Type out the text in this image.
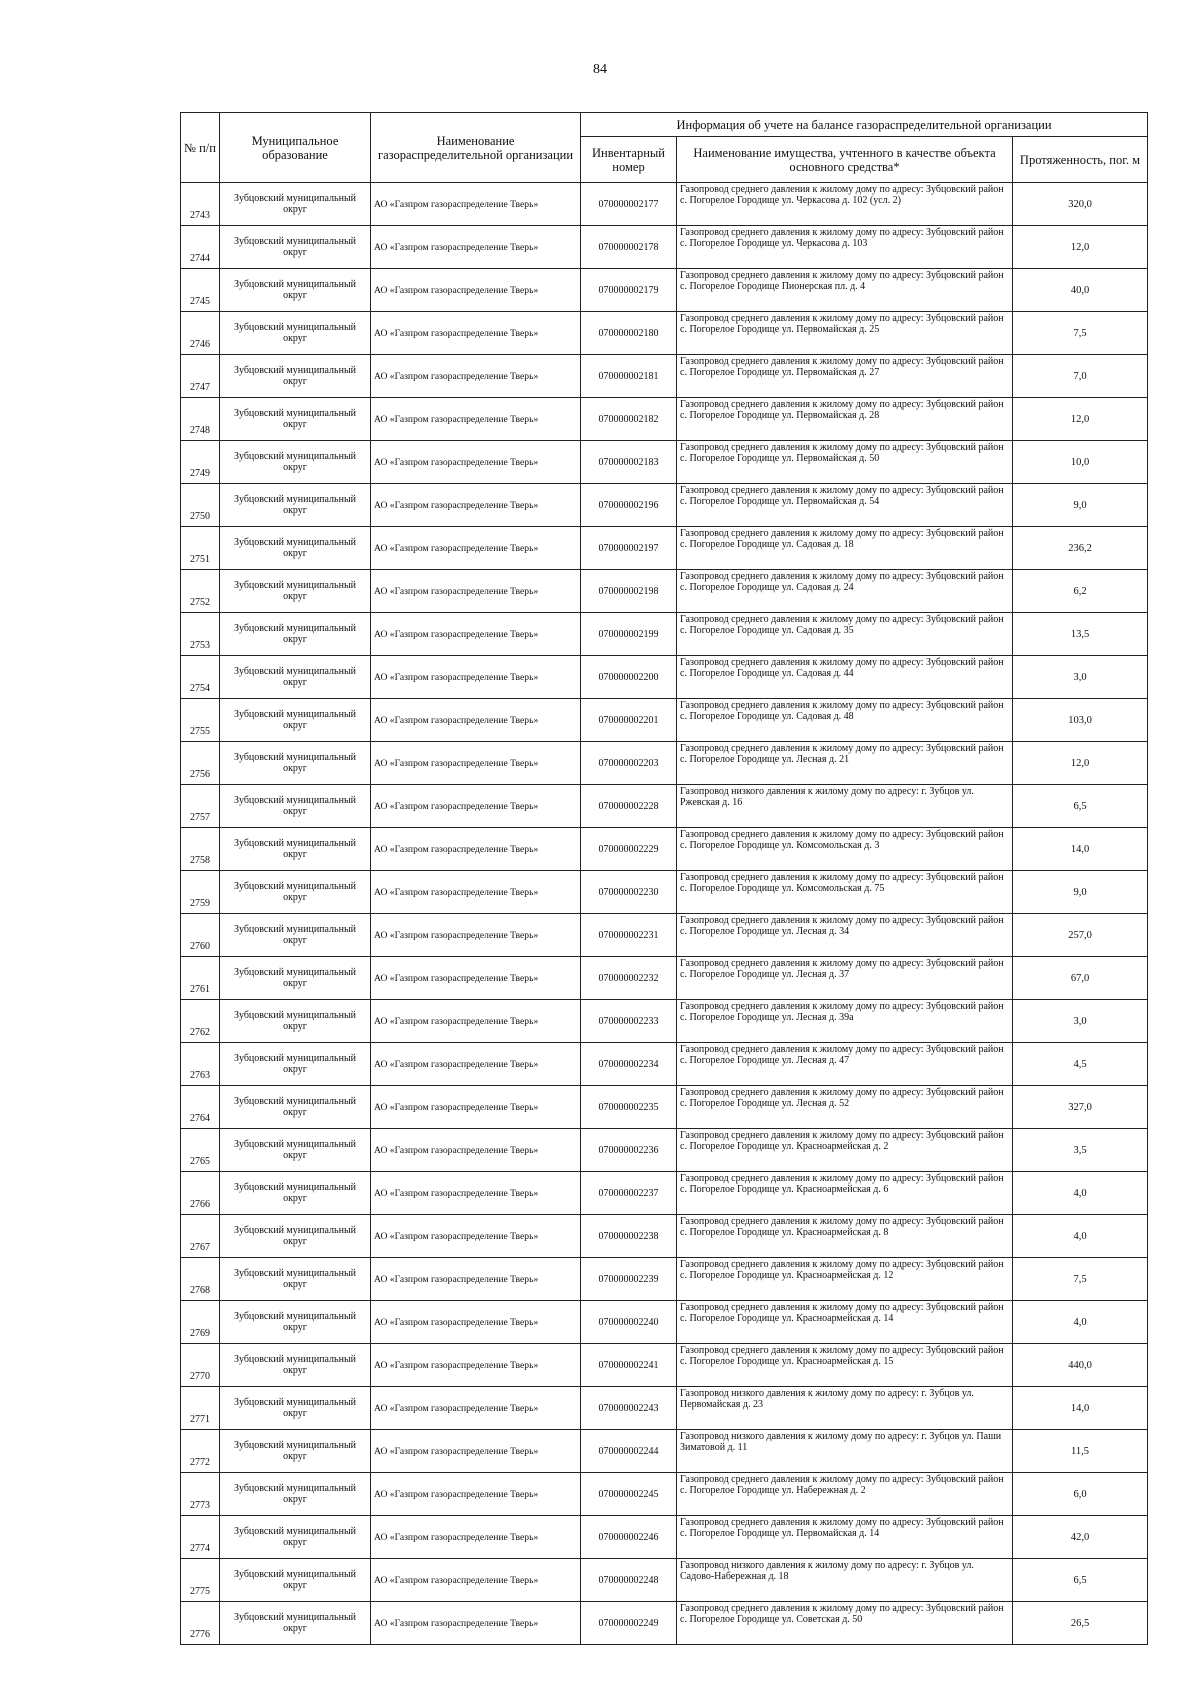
84
№ п/п	Муниципальное образование	Наименование газораспределительной организации	Информация об учете на балансе газораспределительной организации		
			Инвентарный номер	Наименование имущества, учтенного в качестве объекта основного средства*	Протяженность, пог. м
2743	Зубцовский муниципальный округ	АО «Газпром газораспределение Тверь»	070000002177	Газопровод среднего давления к жилому дому по адресу: Зубцовский район с. Погорелое Городище ул. Черкасова д. 102 (усл. 2)	320,0
2744	Зубцовский муниципальный округ	АО «Газпром газораспределение Тверь»	070000002178	Газопровод среднего давления к жилому дому по адресу: Зубцовский район с. Погорелое Городище ул. Черкасова д. 103	12,0
2745	Зубцовский муниципальный округ	АО «Газпром газораспределение Тверь»	070000002179	Газопровод среднего давления к жилому дому по адресу: Зубцовский район с. Погорелое Городище Пионерская пл. д. 4	40,0
2746	Зубцовский муниципальный округ	АО «Газпром газораспределение Тверь»	070000002180	Газопровод среднего давления к жилому дому по адресу: Зубцовский район с. Погорелое Городище ул. Первомайская д. 25	7,5
2747	Зубцовский муниципальный округ	АО «Газпром газораспределение Тверь»	070000002181	Газопровод среднего давления к жилому дому по адресу: Зубцовский район с. Погорелое Городище ул. Первомайская д. 27	7,0
2748	Зубцовский муниципальный округ	АО «Газпром газораспределение Тверь»	070000002182	Газопровод среднего давления к жилому дому по адресу: Зубцовский район с. Погорелое Городище ул. Первомайская д. 28	12,0
2749	Зубцовский муниципальный округ	АО «Газпром газораспределение Тверь»	070000002183	Газопровод среднего давления к жилому дому по адресу: Зубцовский район с. Погорелое Городище ул. Первомайская д. 50	10,0
2750	Зубцовский муниципальный округ	АО «Газпром газораспределение Тверь»	070000002196	Газопровод среднего давления к жилому дому по адресу: Зубцовский район с. Погорелое Городище ул. Первомайская д. 54	9,0
2751	Зубцовский муниципальный округ	АО «Газпром газораспределение Тверь»	070000002197	Газопровод среднего давления к жилому дому по адресу: Зубцовский район с. Погорелое Городище ул. Садовая д. 18	236,2
2752	Зубцовский муниципальный округ	АО «Газпром газораспределение Тверь»	070000002198	Газопровод среднего давления к жилому дому по адресу: Зубцовский район с. Погорелое Городище ул. Садовая д. 24	6,2
2753	Зубцовский муниципальный округ	АО «Газпром газораспределение Тверь»	070000002199	Газопровод среднего давления к жилому дому по адресу: Зубцовский район с. Погорелое Городище ул. Садовая д. 35	13,5
2754	Зубцовский муниципальный округ	АО «Газпром газораспределение Тверь»	070000002200	Газопровод среднего давления к жилому дому по адресу: Зубцовский район с. Погорелое Городище ул. Садовая д. 44	3,0
2755	Зубцовский муниципальный округ	АО «Газпром газораспределение Тверь»	070000002201	Газопровод среднего давления к жилому дому по адресу: Зубцовский район с. Погорелое Городище ул. Садовая д. 48	103,0
2756	Зубцовский муниципальный округ	АО «Газпром газораспределение Тверь»	070000002203	Газопровод среднего давления к жилому дому по адресу: Зубцовский район с. Погорелое Городище ул. Лесная д. 21	12,0
2757	Зубцовский муниципальный округ	АО «Газпром газораспределение Тверь»	070000002228	Газопровод низкого давления к жилому дому по адресу: г. Зубцов ул. Ржевская д. 16	6,5
2758	Зубцовский муниципальный округ	АО «Газпром газораспределение Тверь»	070000002229	Газопровод среднего давления к жилому дому по адресу: Зубцовский район с. Погорелое Городище ул. Комсомольская д. 3	14,0
2759	Зубцовский муниципальный округ	АО «Газпром газораспределение Тверь»	070000002230	Газопровод среднего давления к жилому дому по адресу: Зубцовский район с. Погорелое Городище ул. Комсомольская д. 75	9,0
2760	Зубцовский муниципальный округ	АО «Газпром газораспределение Тверь»	070000002231	Газопровод среднего давления к жилому дому по адресу: Зубцовский район с. Погорелое Городище ул. Лесная д. 34	257,0
2761	Зубцовский муниципальный округ	АО «Газпром газораспределение Тверь»	070000002232	Газопровод среднего давления к жилому дому по адресу: Зубцовский район с. Погорелое Городище ул. Лесная д. 37	67,0
2762	Зубцовский муниципальный округ	АО «Газпром газораспределение Тверь»	070000002233	Газопровод среднего давления к жилому дому по адресу: Зубцовский район с. Погорелое Городище ул. Лесная д. 39а	3,0
2763	Зубцовский муниципальный округ	АО «Газпром газораспределение Тверь»	070000002234	Газопровод среднего давления к жилому дому по адресу: Зубцовский район с. Погорелое Городище ул. Лесная д. 47	4,5
2764	Зубцовский муниципальный округ	АО «Газпром газораспределение Тверь»	070000002235	Газопровод среднего давления к жилому дому по адресу: Зубцовский район с. Погорелое Городище ул. Лесная д. 52	327,0
2765	Зубцовский муниципальный округ	АО «Газпром газораспределение Тверь»	070000002236	Газопровод среднего давления к жилому дому по адресу: Зубцовский район с. Погорелое Городище ул. Красноармейская д. 2	3,5
2766	Зубцовский муниципальный округ	АО «Газпром газораспределение Тверь»	070000002237	Газопровод среднего давления к жилому дому по адресу: Зубцовский район с. Погорелое Городище ул. Красноармейская д. 6	4,0
2767	Зубцовский муниципальный округ	АО «Газпром газораспределение Тверь»	070000002238	Газопровод среднего давления к жилому дому по адресу: Зубцовский район с. Погорелое Городище ул. Красноармейская д. 8	4,0
2768	Зубцовский муниципальный округ	АО «Газпром газораспределение Тверь»	070000002239	Газопровод среднего давления к жилому дому по адресу: Зубцовский район с. Погорелое Городище ул. Красноармейская д. 12	7,5
2769	Зубцовский муниципальный округ	АО «Газпром газораспределение Тверь»	070000002240	Газопровод среднего давления к жилому дому по адресу: Зубцовский район с. Погорелое Городище ул. Красноармейская д. 14	4,0
2770	Зубцовский муниципальный округ	АО «Газпром газораспределение Тверь»	070000002241	Газопровод среднего давления к жилому дому по адресу: Зубцовский район с. Погорелое Городище ул. Красноармейская д. 15	440,0
2771	Зубцовский муниципальный округ	АО «Газпром газораспределение Тверь»	070000002243	Газопровод низкого давления к жилому дому по адресу: г. Зубцов ул. Первомайская д. 23	14,0
2772	Зубцовский муниципальный округ	АО «Газпром газораспределение Тверь»	070000002244	Газопровод низкого давления к жилому дому по адресу: г. Зубцов ул. Паши Зиматовой д. 11	11,5
2773	Зубцовский муниципальный округ	АО «Газпром газораспределение Тверь»	070000002245	Газопровод среднего давления к жилому дому по адресу: Зубцовский район с. Погорелое Городище ул. Набережная д. 2	6,0
2774	Зубцовский муниципальный округ	АО «Газпром газораспределение Тверь»	070000002246	Газопровод среднего давления к жилому дому по адресу: Зубцовский район с. Погорелое Городище ул. Первомайская д. 14	42,0
2775	Зубцовский муниципальный округ	АО «Газпром газораспределение Тверь»	070000002248	Газопровод низкого давления к жилому дому по адресу: г. Зубцов ул. Садово-Набережная д. 18	6,5
2776	Зубцовский муниципальный округ	АО «Газпром газораспределение Тверь»	070000002249	Газопровод среднего давления к жилому дому по адресу: Зубцовский район с. Погорелое Городище ул. Советская д. 50	26,5
